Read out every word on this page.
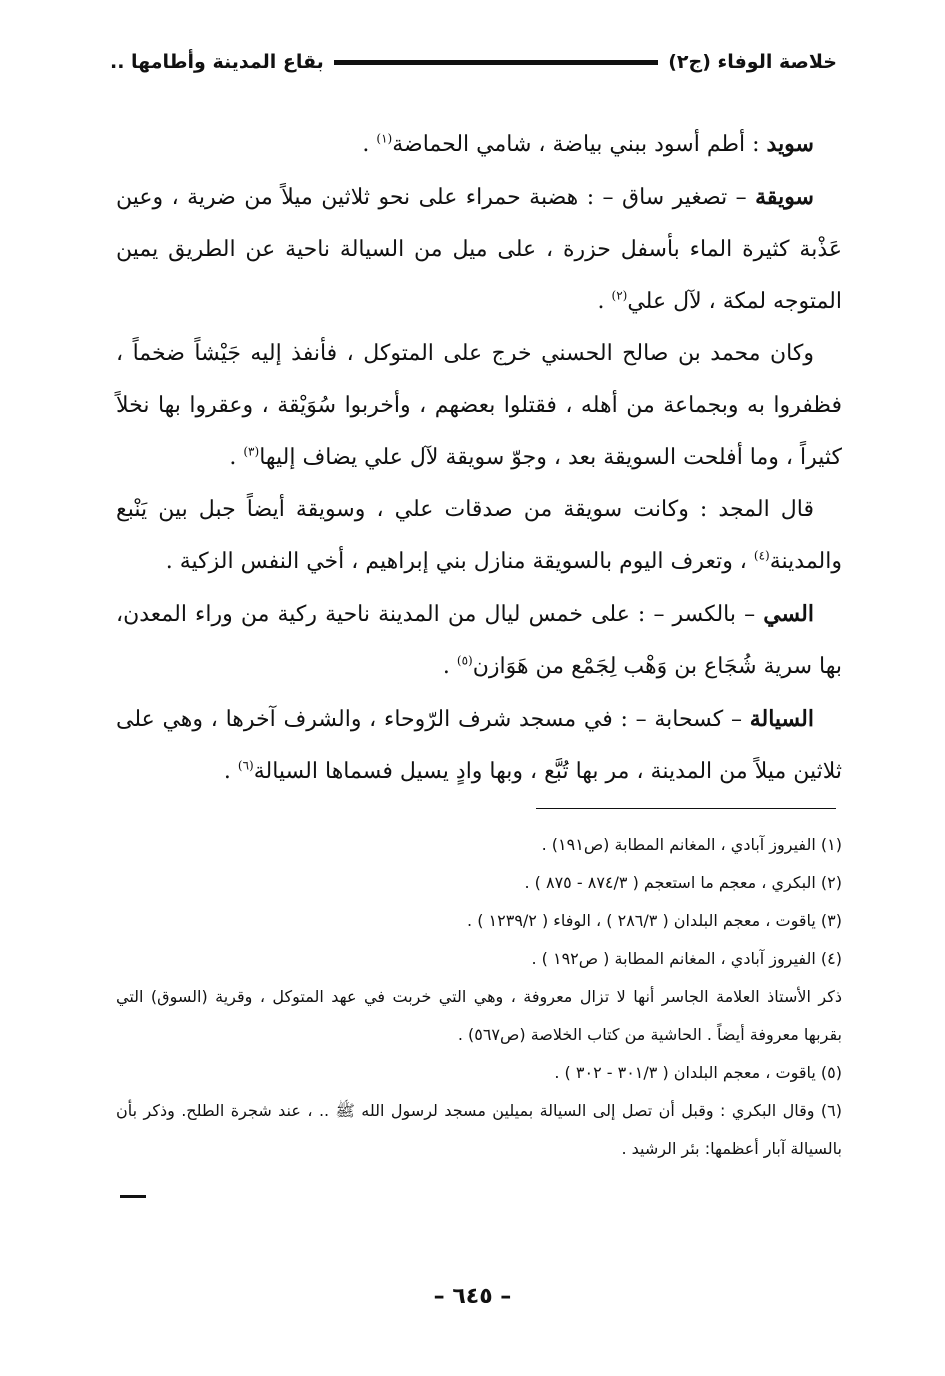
خلاصة الوفاء (ج٢)
بقاع المدينة وأطامها ..

سويد : أطم أسود ببني بياضة ، شامي الحماضة$^{(١)}$ .

سويقة – تصغير ساق – : هضبة حمراء على نحو ثلاثين ميلاً من ضرية ، وعين عَذْبة كثيرة الماء بأسفل حزرة ، على ميل من السيالة ناحية عن الطريق يمين المتوجه لمكة ، لآل علي$^{(٢)}$ .

وكان محمد بن صالح الحسني خرج على المتوكل ، فأنفذ إليه جَيْشاً ضخماً ، فظفروا به وبجماعة من أهله ، فقتلوا بعضهم ، وأخربوا سُوَيْقة ، وعقروا بها نخلاً كثيراً ، وما أفلحت السويقة بعد ، وجوّ سويقة لآل علي يضاف إليها$^{(٣)}$ .

قال المجد : وكانت سويقة من صدقات علي ، وسويقة أيضاً جبل بين يَنْبع والمدينة$^{(٤)}$ ، وتعرف اليوم بالسويقة منازل بني إبراهيم ، أخي النفس الزكية .

السي – بالكسر – : على خمس ليال من المدينة ناحية ركية من وراء المعدن، بها سرية شُجَاع بن وَهْب لِجَمْع من هَوَازن$^{(٥)}$ .

السيالة – كسحابة – : في مسجد شرف الرّوحاء ، والشرف آخرها ، وهي على ثلاثين ميلاً من المدينة ، مر بها تُبَّع ، وبها وادٍ يسيل فسماها السيالة$^{(٦)}$ .

(١) الفيروز آبادي ، المغانم المطابة (ص١٩١) .

(٢) البكري ، معجم ما استعجم ( ٨٧٤/٣ - ٨٧٥ ) .

(٣) ياقوت ، معجم البلدان ( ٢٨٦/٣ ) ، الوفاء ( ١٢٣٩/٢ ) .

(٤) الفيروز آبادي ، المغانم المطابة ( ص١٩٢ ) .

ذكر الأستاذ العلامة الجاسر أنها لا تزال معروفة ، وهي التي خربت في عهد المتوكل ، وقرية (السوق) التي بقربها معروفة أيضاً . الحاشية من كتاب الخلاصة (ص٥٦٧) .

(٥) ياقوت ، معجم البلدان ( ٣٠١/٣ - ٣٠٢ ) .

(٦) وقال البكري : وقبل أن تصل إلى السيالة بميلين مسجد لرسول الله ﷺ .. ، عند شجرة الطلح. وذكر بأن بالسيالة آبار أعظمها: بئر الرشيد .

– ٦٤٥ –
